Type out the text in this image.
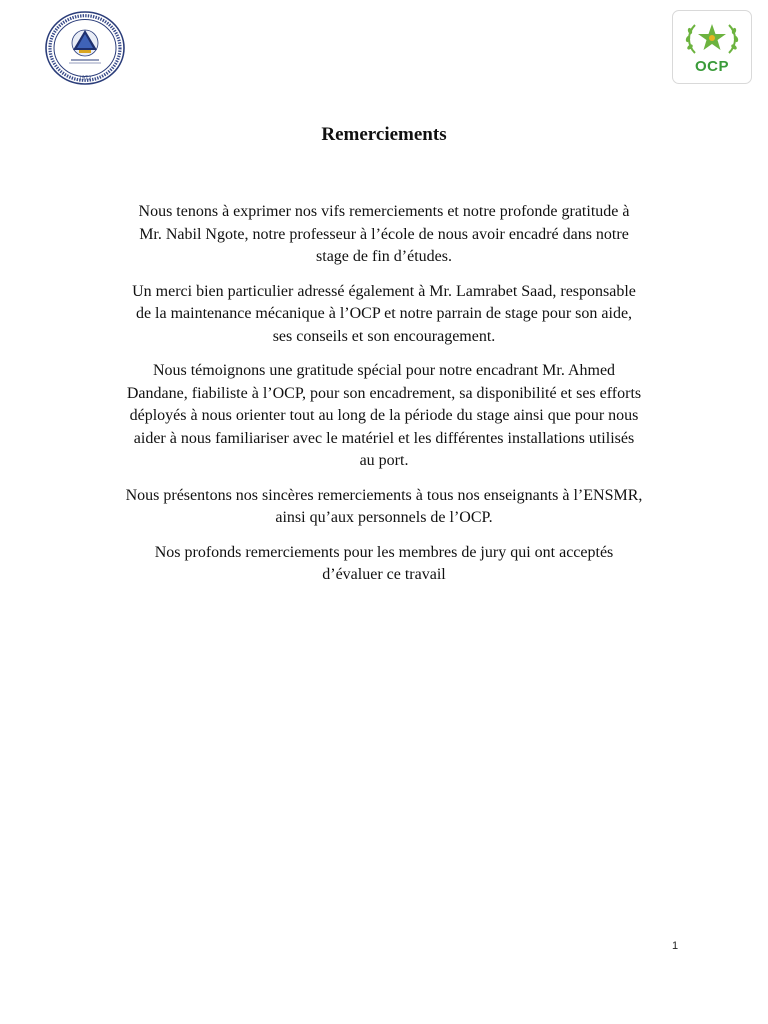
1972
OCP
Remerciements

Nous tenons à exprimer nos vifs remerciements et notre profonde gratitude à
Mr. Nabil Ngote, notre professeur à l’école de nous avoir encadré dans notre
stage de fin d’études.

Un merci bien particulier adressé également à Mr. Lamrabet Saad, responsable
de la maintenance mécanique à l’OCP et notre parrain de stage pour son aide,
ses conseils et son encouragement.

Nous témoignons une gratitude spécial pour notre encadrant Mr. Ahmed
Dandane, fiabiliste à l’OCP, pour son encadrement, sa disponibilité et ses efforts
déployés à nous orienter tout au long de la période du stage ainsi que pour nous
aider à nous familiariser avec le matériel et les différentes installations utilisés
au port.

Nous présentons nos sincères remerciements à tous nos enseignants à l’ENSMR,
ainsi qu’aux personnels de l’OCP.

Nos profonds remerciements pour les membres de jury qui ont acceptés
d’évaluer ce travail

1
